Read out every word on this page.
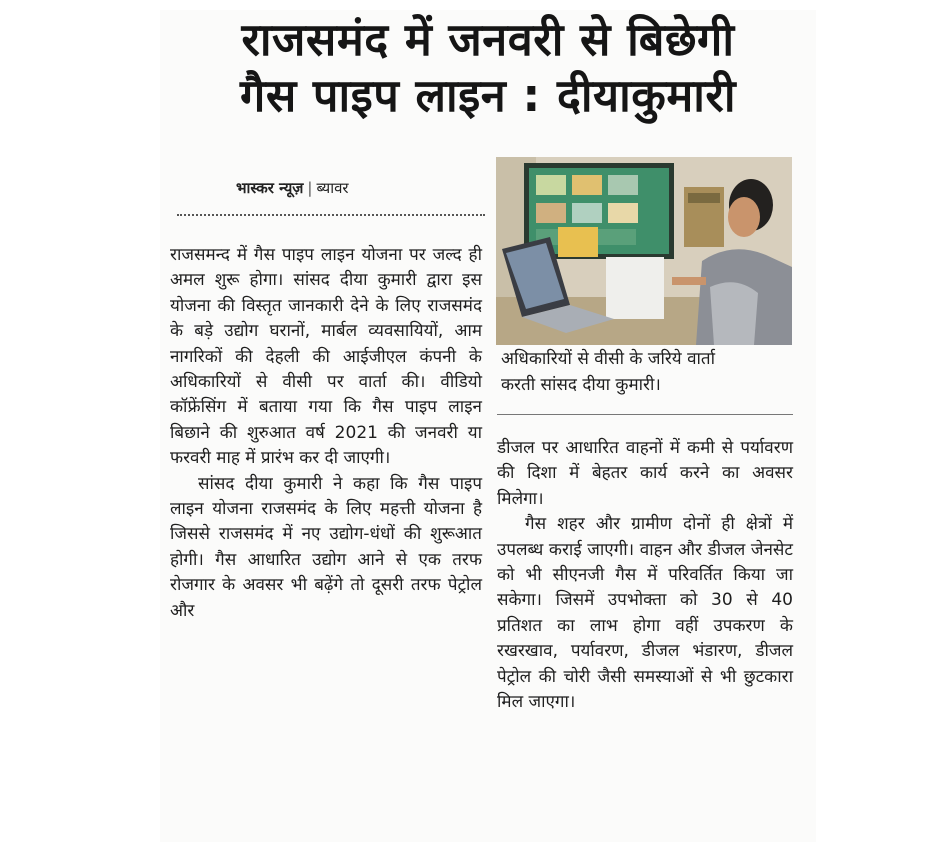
राजसमंद में जनवरी से बिछेगी
गैस पाइप लाइन : दीयाकुमारी
भास्कर न्यूज़ | ब्यावर

राजसमन्द में गैस पाइप लाइन योजना पर जल्द ही अमल शुरू होगा। सांसद दीया कुमारी द्वारा इस योजना की विस्तृत जानकारी देने के लिए राजसमंद के बड़े उद्योग घरानों, मार्बल व्यवसायियों, आम नागरिकों की देहली की आईजीएल कंपनी के अधिकारियों से वीसी पर वार्ता की। वीडियो कॉफ्रेंसिंग में बताया गया कि गैस पाइप लाइन बिछाने की शुरुआत वर्ष 2021 की जनवरी या फरवरी माह में प्रारंभ कर दी जाएगी।

सांसद दीया कुमारी ने कहा कि गैस पाइप लाइन योजना राजसमंद के लिए महत्ती योजना है जिससे राजसमंद में नए उद्योग-धंधों की शुरूआत होगी। गैस आधारित उद्योग आने से एक तरफ रोजगार के अवसर भी बढ़ेंगे तो दूसरी तरफ पेट्रोल और

अधिकारियों से वीसी के जरिये वार्ता
करती सांसद दीया कुमारी।

डीजल पर आधारित वाहनों में कमी से पर्यावरण की दिशा में बेहतर कार्य करने का अवसर मिलेगा।

गैस शहर और ग्रामीण दोनों ही क्षेत्रों में उपलब्ध कराई जाएगी। वाहन और डीजल जेनसेट को भी सीएनजी गैस में परिवर्तित किया जा सकेगा। जिसमें उपभोक्ता को 30 से 40 प्रतिशत का लाभ होगा वहीं उपकरण के रखरखाव, पर्यावरण, डीजल भंडारण, डीजल पेट्रोल की चोरी जैसी समस्याओं से भी छुटकारा मिल जाएगा।
